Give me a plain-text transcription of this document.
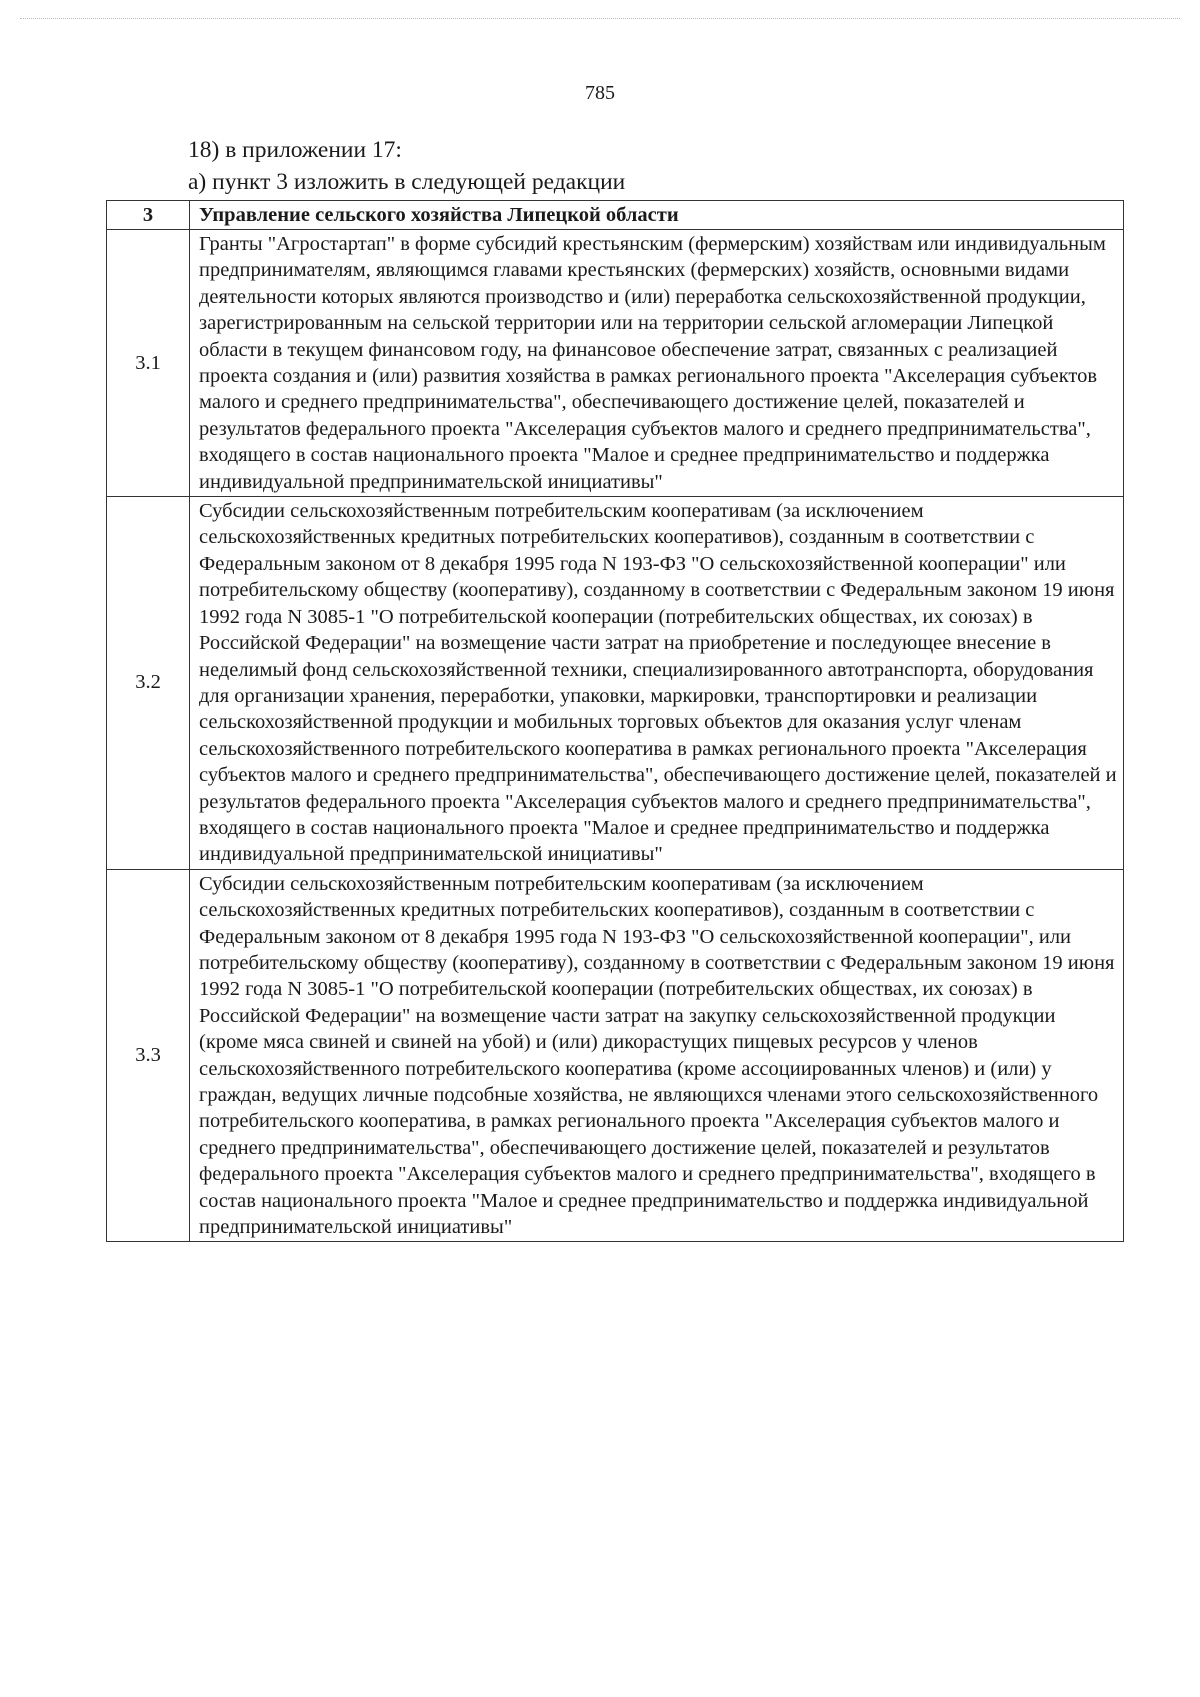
785
18) в приложении 17:
а) пункт 3 изложить в следующей редакции
3	Управление сельского хозяйства Липецкой области
3.1	Гранты "Агростартап" в форме субсидий крестьянским (фермерским) хозяйствам или индивидуальным предпринимателям, являющимся главами крестьянских (фермерских) хозяйств, основными видами деятельности которых являются производство и (или) переработка сельскохозяйственной продукции, зарегистрированным на сельской территории или на территории сельской агломерации Липецкой области в текущем финансовом году, на финансовое обеспечение затрат, связанных с реализацией проекта создания и (или) развития хозяйства в рамках регионального проекта "Акселерация субъектов малого и среднего предпринимательства", обеспечивающего достижение целей, показателей и результатов федерального проекта "Акселерация субъектов малого и среднего предпринимательства", входящего в состав национального проекта "Малое и среднее предпринимательство и поддержка индивидуальной предпринимательской инициативы"
3.2	Субсидии сельскохозяйственным потребительским кооперативам (за исключением сельскохозяйственных кредитных потребительских кооперативов), созданным в соответствии с Федеральным законом от 8 декабря 1995 года N 193-ФЗ "О сельскохозяйственной кооперации" или потребительскому обществу (кооперативу), созданному в соответствии с Федеральным законом 19 июня 1992 года N 3085-1 "О потребительской кооперации (потребительских обществах, их союзах) в Российской Федерации" на возмещение части затрат на приобретение и последующее внесение в неделимый фонд сельскохозяйственной техники, специализированного автотранспорта, оборудования для организации хранения, переработки, упаковки, маркировки, транспортировки и реализации сельскохозяйственной продукции и мобильных торговых объектов для оказания услуг членам сельскохозяйственного потребительского кооператива в рамках регионального проекта "Акселерация субъектов малого и среднего предпринимательства", обеспечивающего достижение целей, показателей и результатов федерального проекта "Акселерация субъектов малого и среднего предпринимательства", входящего в состав национального проекта "Малое и среднее предпринимательство и поддержка индивидуальной предпринимательской инициативы"
3.3	Субсидии сельскохозяйственным потребительским кооперативам (за исключением сельскохозяйственных кредитных потребительских кооперативов), созданным в соответствии с Федеральным законом от 8 декабря 1995 года N 193-ФЗ "О сельскохозяйственной кооперации", или потребительскому обществу (кооперативу), созданному в соответствии с Федеральным законом 19 июня 1992 года N 3085-1 "О потребительской кооперации (потребительских обществах, их союзах) в Российской Федерации" на возмещение части затрат на закупку сельскохозяйственной продукции (кроме мяса свиней и свиней на убой) и (или) дикорастущих пищевых ресурсов у членов сельскохозяйственного потребительского кооператива (кроме ассоциированных членов) и (или) у граждан, ведущих личные подсобные хозяйства, не являющихся членами этого сельскохозяйственного потребительского кооператива, в рамках регионального проекта "Акселерация субъектов малого и среднего предпринимательства", обеспечивающего достижение целей, показателей и результатов федерального проекта "Акселерация субъектов малого и среднего предпринимательства", входящего в состав национального проекта "Малое и среднее предпринимательство и поддержка индивидуальной предпринимательской инициативы"
